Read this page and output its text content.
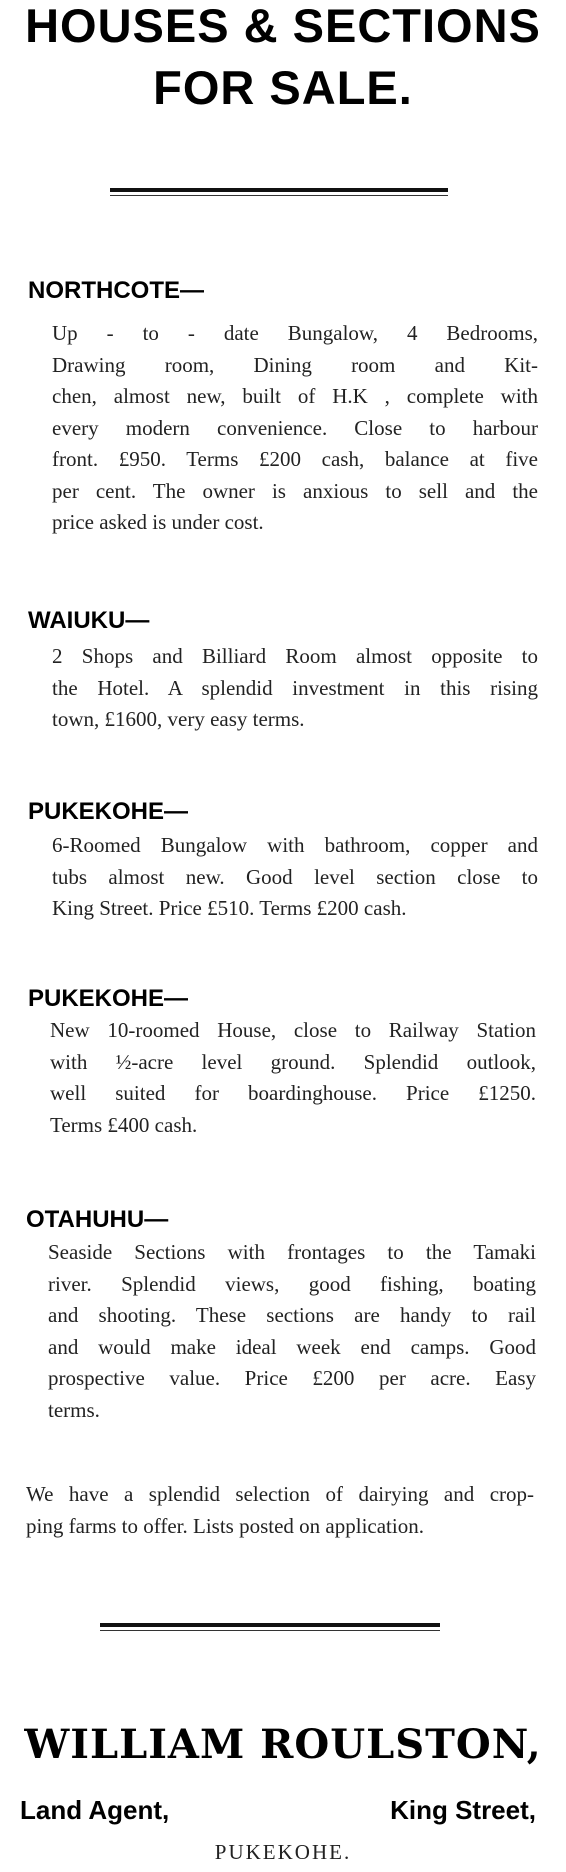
HOUSES & SECTIONS
FOR SALE.
NORTHCOTE—
Up - to - date Bungalow, 4 Bedrooms,
Drawing room, Dining room and Kit-
chen, almost new, built of H.K , complete with
every modern convenience. Close to harbour
front. £950. Terms £200 cash, balance at five
per cent. The owner is anxious to sell and the
price asked is under cost.
WAIUKU—
2 Shops and Billiard Room almost opposite to
the Hotel. A splendid investment in this rising
town, £1600, very easy terms.
PUKEKOHE—
6-Roomed Bungalow with bathroom, copper and
tubs almost new. Good level section close to
King Street. Price £510. Terms £200 cash.
PUKEKOHE—
New 10-roomed House, close to Railway Station
with ½-acre level ground. Splendid outlook,
well suited for boardinghouse. Price £1250.
Terms £400 cash.
OTAHUHU—
Seaside Sections with frontages to the Tamaki
river. Splendid views, good fishing, boating
and shooting. These sections are handy to rail
and would make ideal week end camps. Good
prospective value. Price £200 per acre. Easy
terms.
We have a splendid selection of dairying and crop-
ping farms to offer. Lists posted on application.
WILLIAM ROULSTON,
Land Agent,	King Street,
PUKEKOHE.
